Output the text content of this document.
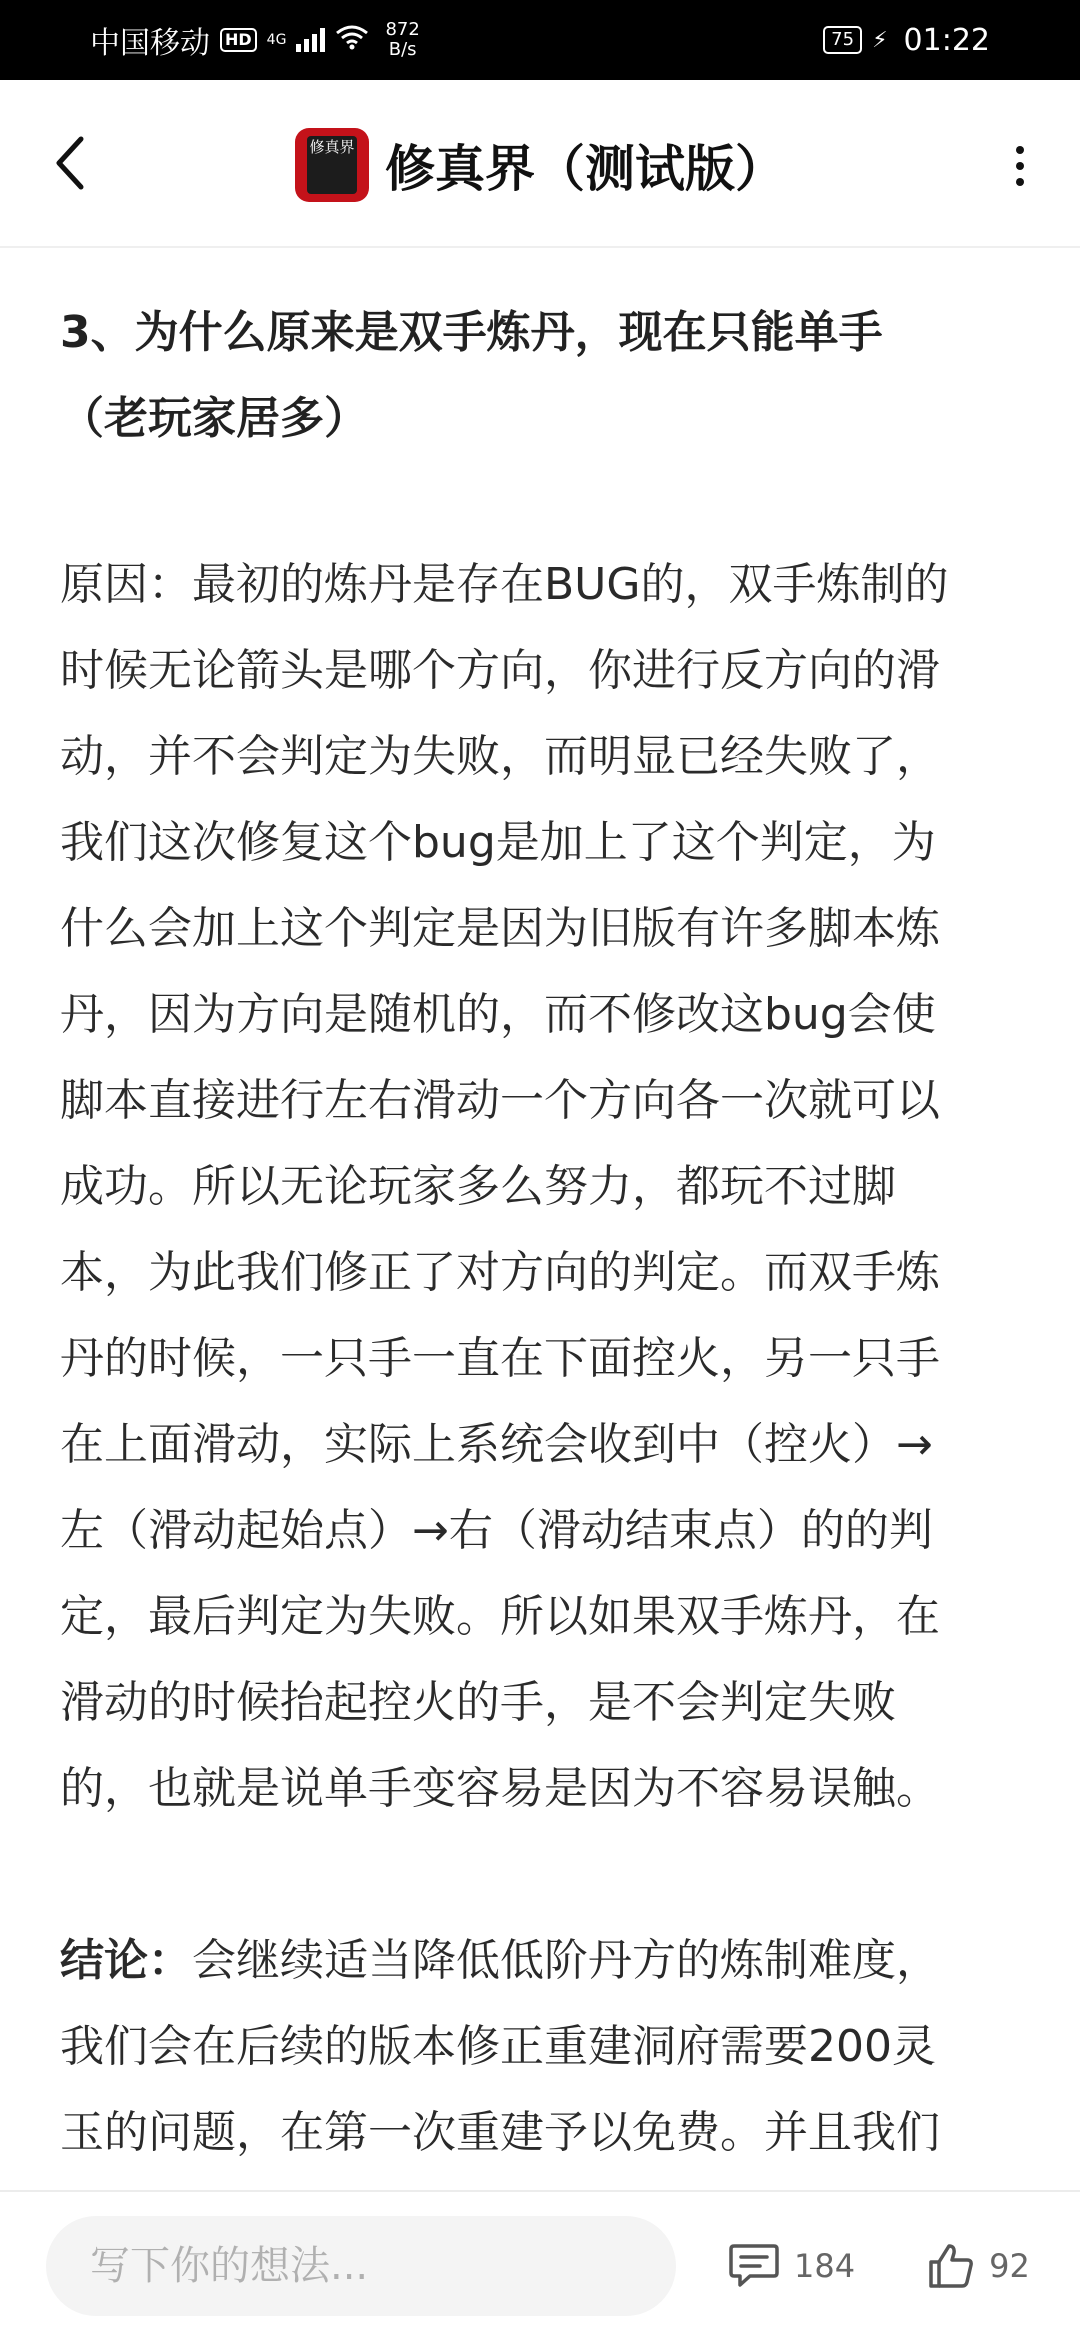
中国移动 HD	4G	872
B/s	75 ⚡ 01:22
修真界 修真界（测试版）
3、为什么原来是双手炼丹，现在只能单手
（老玩家居多）
原因：最初的炼丹是存在BUG的，双手炼制的
时候无论箭头是哪个方向，你进行反方向的滑
动，并不会判定为失败，而明显已经失败了，
我们这次修复这个bug是加上了这个判定，为
什么会加上这个判定是因为旧版有许多脚本炼
丹，因为方向是随机的，而不修改这bug会使
脚本直接进行左右滑动一个方向各一次就可以
成功。所以无论玩家多么努力，都玩不过脚
本，为此我们修正了对方向的判定。而双手炼
丹的时候，一只手一直在下面控火，另一只手
在上面滑动，实际上系统会收到中（控火）→
左（滑动起始点）→右（滑动结束点）的的判
定，最后判定为失败。所以如果双手炼丹，在
滑动的时候抬起控火的手，是不会判定失败
的，也就是说单手变容易是因为不容易误触。
结论：会继续适当降低低阶丹方的炼制难度，
我们会在后续的版本修正重建洞府需要200灵
玉的问题，在第一次重建予以免费。并且我们
写下你的想法...
184	92
